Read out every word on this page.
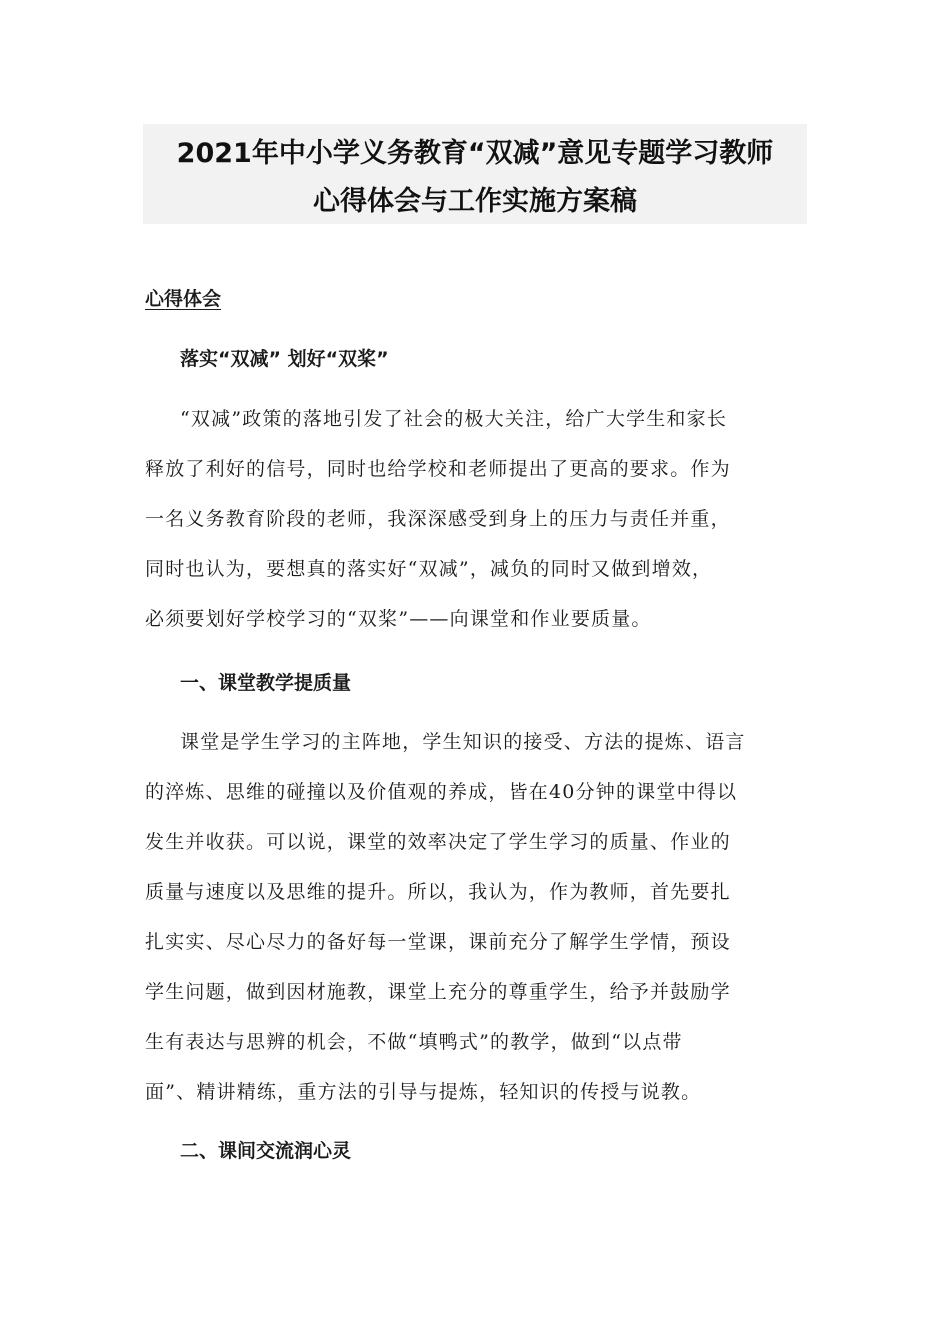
2021年中小学义务教育“双减”意见专题学习教师
心得体会与工作实施方案稿
心得体会
落实“双减” 划好“双桨”
“双减”政策的落地引发了社会的极大关注，给广大学生和家长
释放了利好的信号，同时也给学校和老师提出了更高的要求。作为
一名义务教育阶段的老师，我深深感受到身上的压力与责任并重，
同时也认为，要想真的落实好“双减”，减负的同时又做到增效，
必须要划好学校学习的“双桨”——向课堂和作业要质量。
一、课堂教学提质量
课堂是学生学习的主阵地，学生知识的接受、方法的提炼、语言
的淬炼、思维的碰撞以及价值观的养成，皆在40分钟的课堂中得以
发生并收获。可以说，课堂的效率决定了学生学习的质量、作业的
质量与速度以及思维的提升。所以，我认为，作为教师，首先要扎
扎实实、尽心尽力的备好每一堂课，课前充分了解学生学情，预设
学生问题，做到因材施教，课堂上充分的尊重学生，给予并鼓励学
生有表达与思辨的机会，不做“填鸭式”的教学，做到“以点带
面”、精讲精练，重方法的引导与提炼，轻知识的传授与说教。
二、课间交流润心灵
